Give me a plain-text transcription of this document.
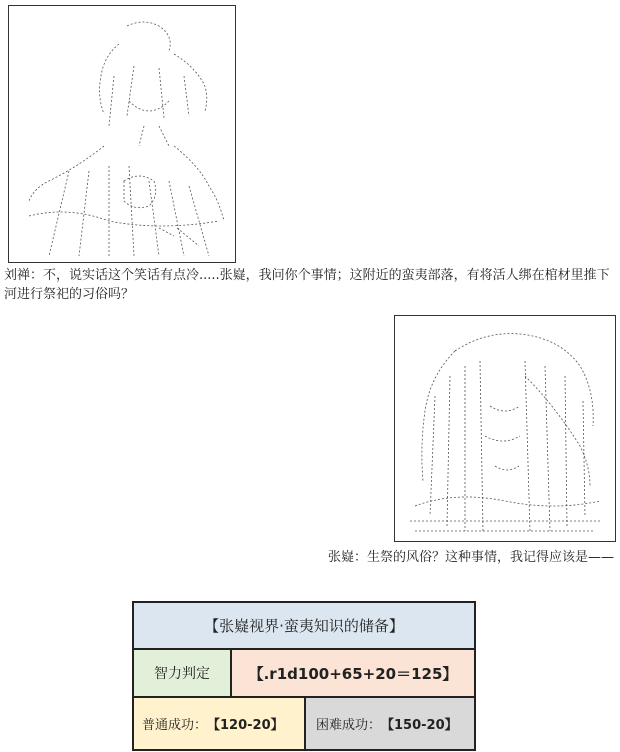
刘禅：不，说实话这个笑话有点冷.....张嶷，我问你个事情；这附近的蛮夷部落，有将活人绑在棺材里推下河进行祭祀的习俗吗？
张嶷：生祭的风俗？这种事情，我记得应该是——
【张嶷视界·蛮夷知识的储备】
智力判定	【.r1d100+65+20＝125】
普通成功： 【120-20】 困难成功： 【150-20】
